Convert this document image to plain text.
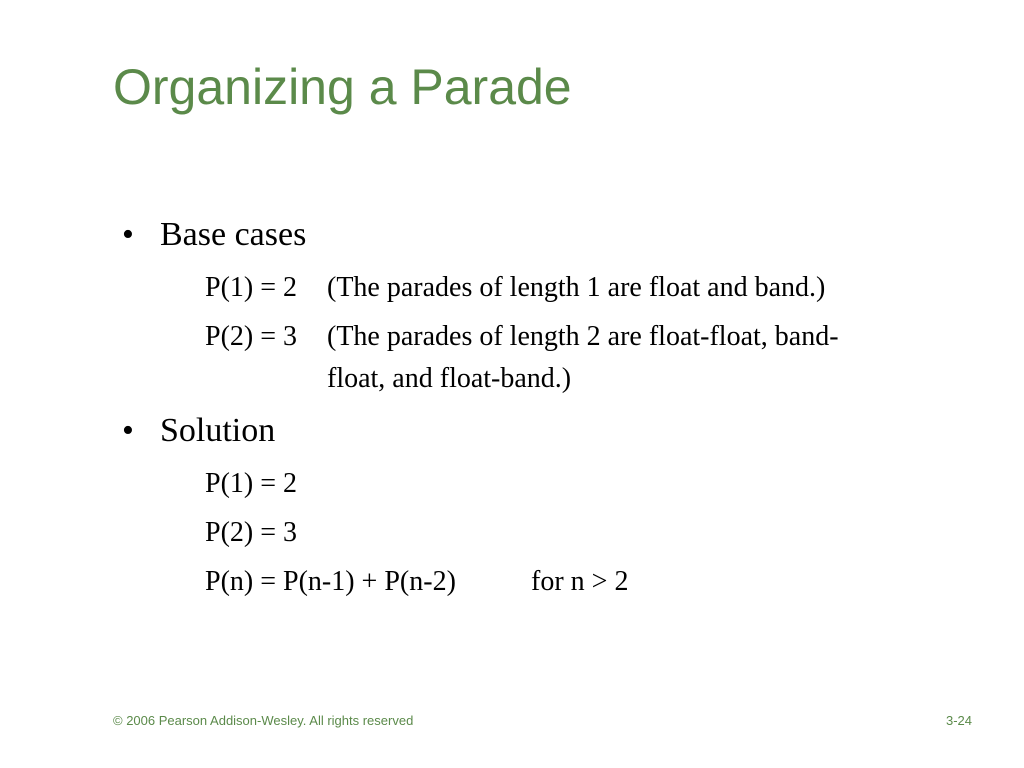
Organizing a Parade
• Base cases
P(1) = 2 (The parades of length 1 are float and band.)
P(2) = 3 (The parades of length 2 are float-float, band-
float, and float-band.)
• Solution
P(1) = 2
P(2) = 3
P(n) = P(n-1) + P(n-2)	for n > 2
© 2006 Pearson Addison-Wesley. All rights reserved	3-24
